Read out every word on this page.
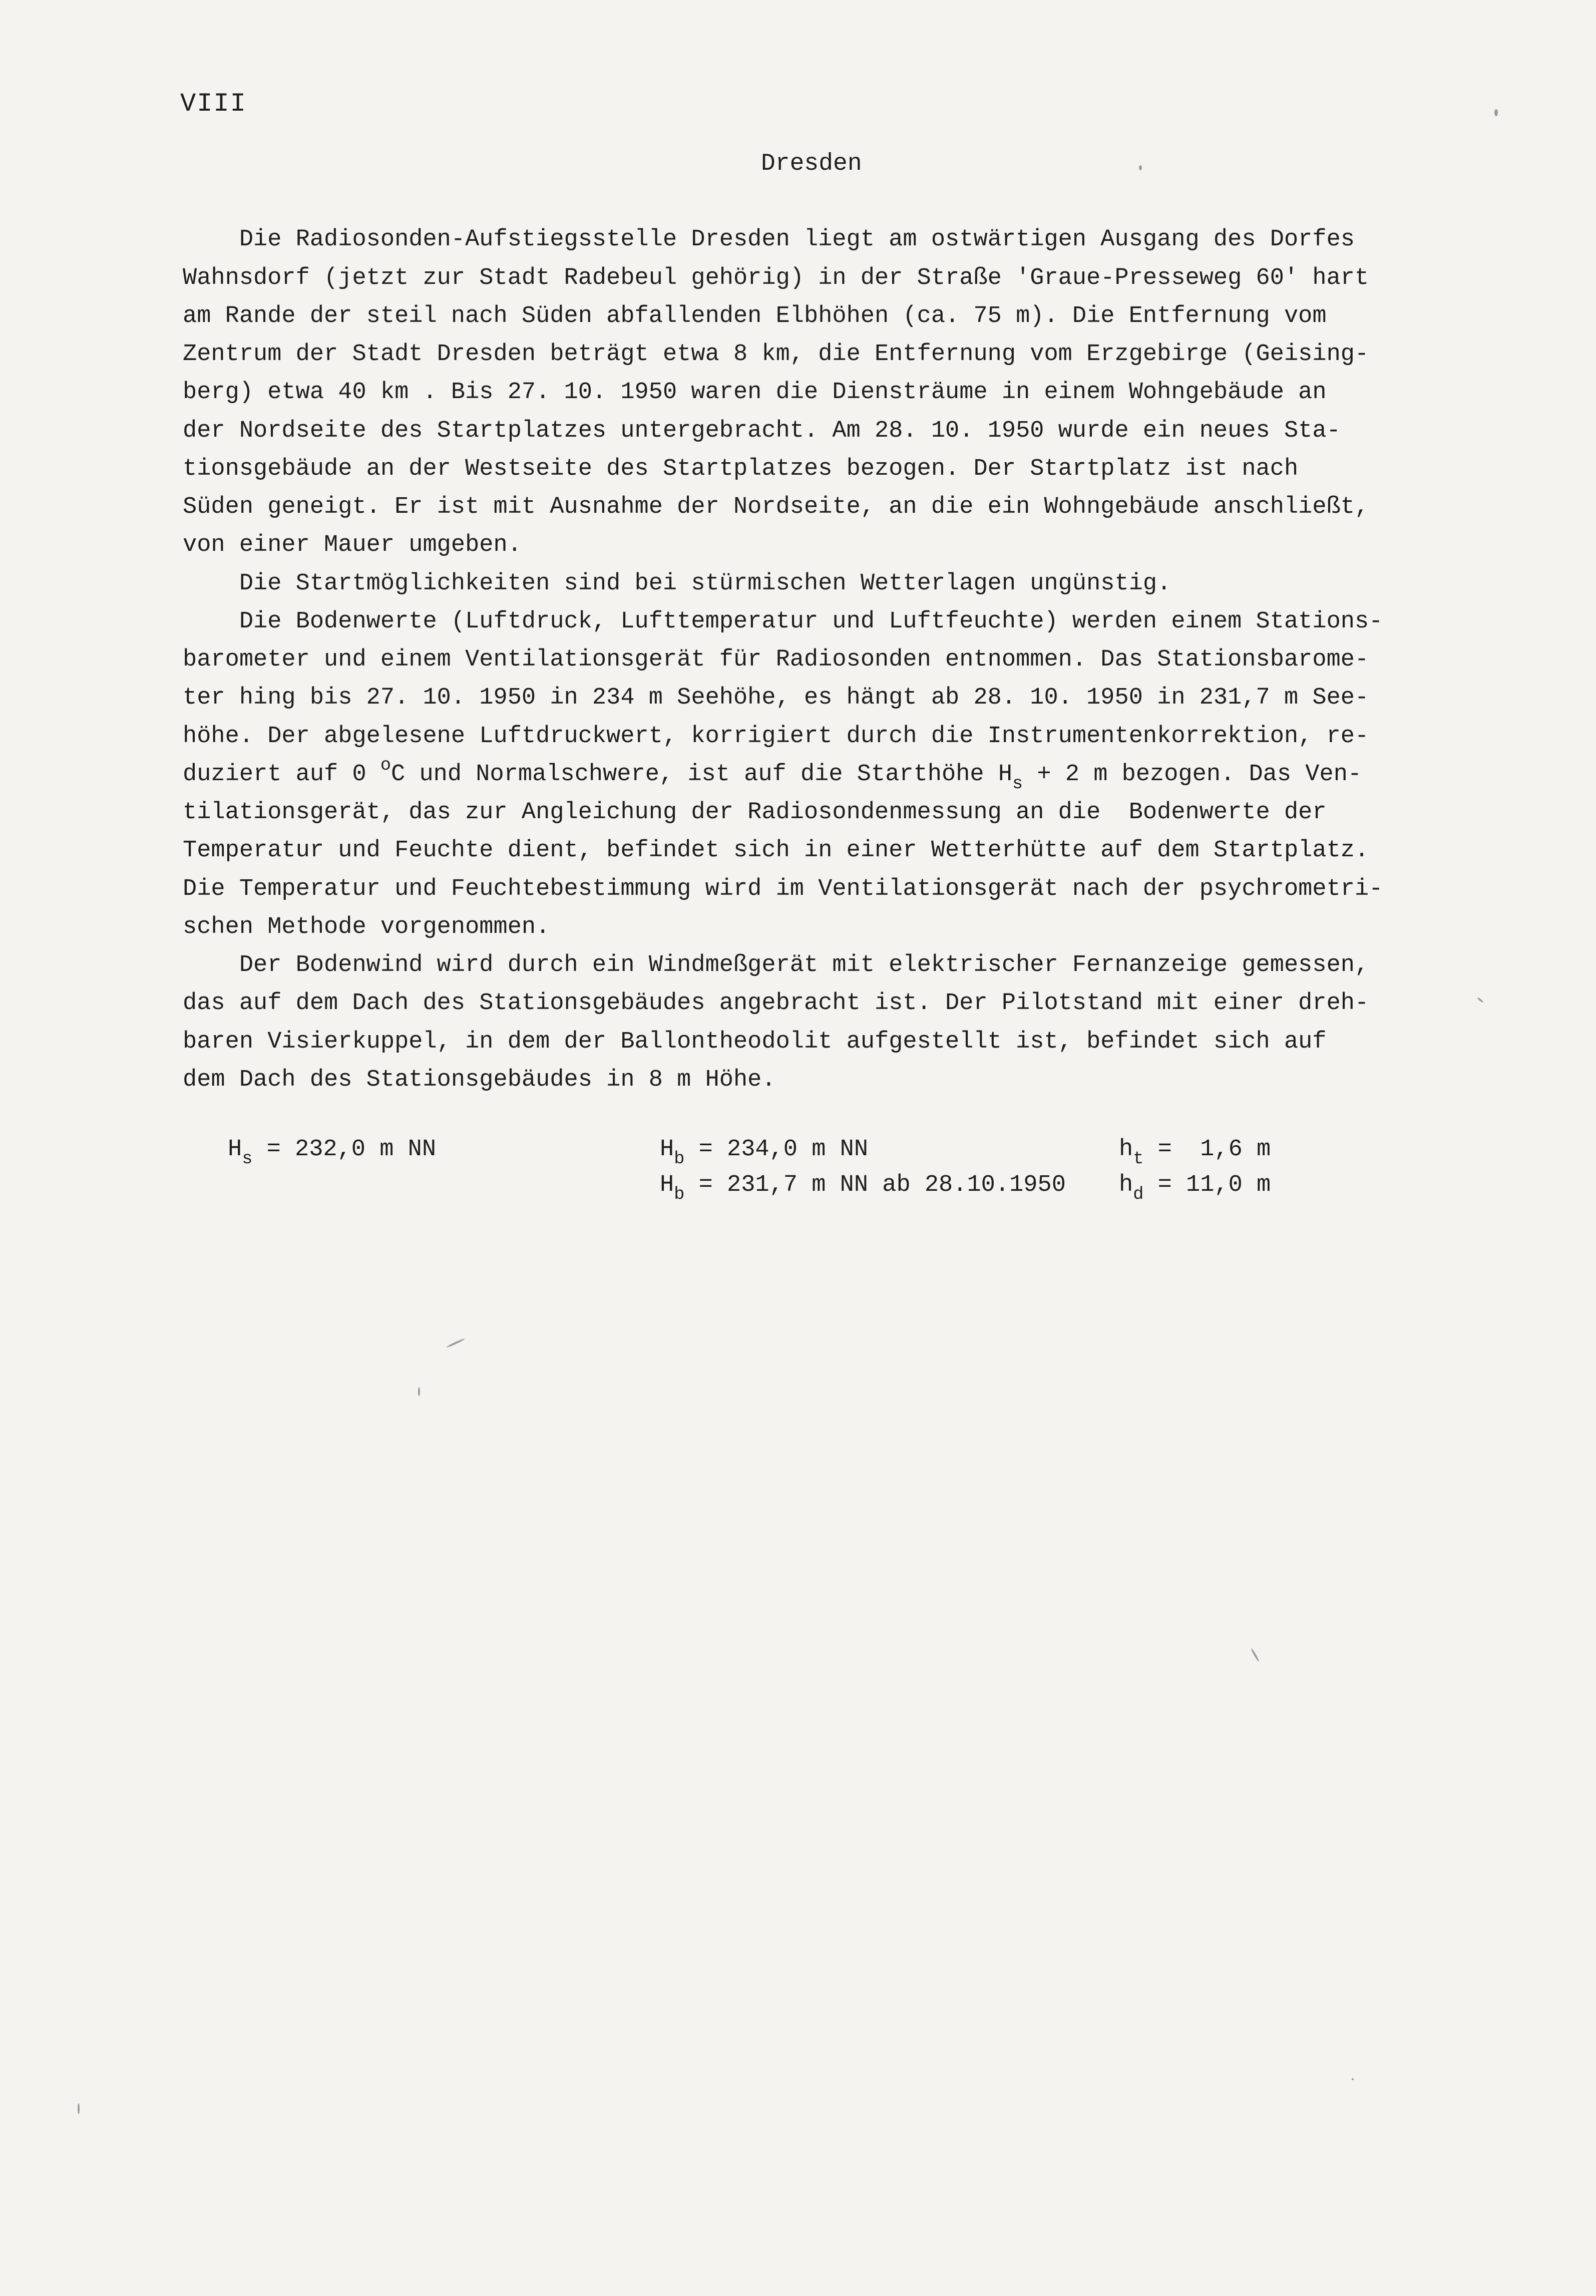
VIII
Dresden
Die Radiosonden-Aufstiegsstelle Dresden liegt am ostwärtigen Ausgang des Dorfes
Wahnsdorf (jetzt zur Stadt Radebeul gehörig) in der Straße 'Graue-Presseweg 60' hart
am Rande der steil nach Süden abfallenden Elbhöhen (ca. 75 m). Die Entfernung vom
Zentrum der Stadt Dresden beträgt etwa 8 km, die Entfernung vom Erzgebirge (Geising-
berg) etwa 40 km . Bis 27. 10. 1950 waren die Diensträume in einem Wohngebäude an
der Nordseite des Startplatzes untergebracht. Am 28. 10. 1950 wurde ein neues Sta-
tionsgebäude an der Westseite des Startplatzes bezogen. Der Startplatz ist nach
Süden geneigt. Er ist mit Ausnahme der Nordseite, an die ein Wohngebäude anschließt,
von einer Mauer umgeben.
Die Startmöglichkeiten sind bei stürmischen Wetterlagen ungünstig.
Die Bodenwerte (Luftdruck, Lufttemperatur und Luftfeuchte) werden einem Stations-
barometer und einem Ventilationsgerät für Radiosonden entnommen. Das Stationsbarome-
ter hing bis 27. 10. 1950 in 234 m Seehöhe, es hängt ab 28. 10. 1950 in 231,7 m See-
höhe. Der abgelesene Luftdruckwert, korrigiert durch die Instrumentenkorrektion, re-
duziert auf 0 $^o$C und Normalschwere, ist auf die Starthöhe $H_s + 2$ m bezogen. Das Ven-
tilationsgerät, das zur Angleichung der Radiosondenmessung an die  Bodenwerte der
Temperatur und Feuchte dient, befindet sich in einer Wetterhütte auf dem Startplatz.
Die Temperatur und Feuchtebestimmung wird im Ventilationsgerät nach der psychrometri-
schen Methode vorgenommen.
Der Bodenwind wird durch ein Windmeßgerät mit elektrischer Fernanzeige gemessen,
das auf dem Dach des Stationsgebäudes angebracht ist. Der Pilotstand mit einer dreh-
baren Visierkuppel, in dem der Ballontheodolit aufgestellt ist, befindet sich auf
dem Dach des Stationsgebäudes in 8 m Höhe.
$H_s = 232,0$ m NN	$H_b = 234,0$ m NN
$H_b = 231,7$ m NN ab 28.10.1950
$h_t = 1,6$ m
$h_d = 11,0$ m
